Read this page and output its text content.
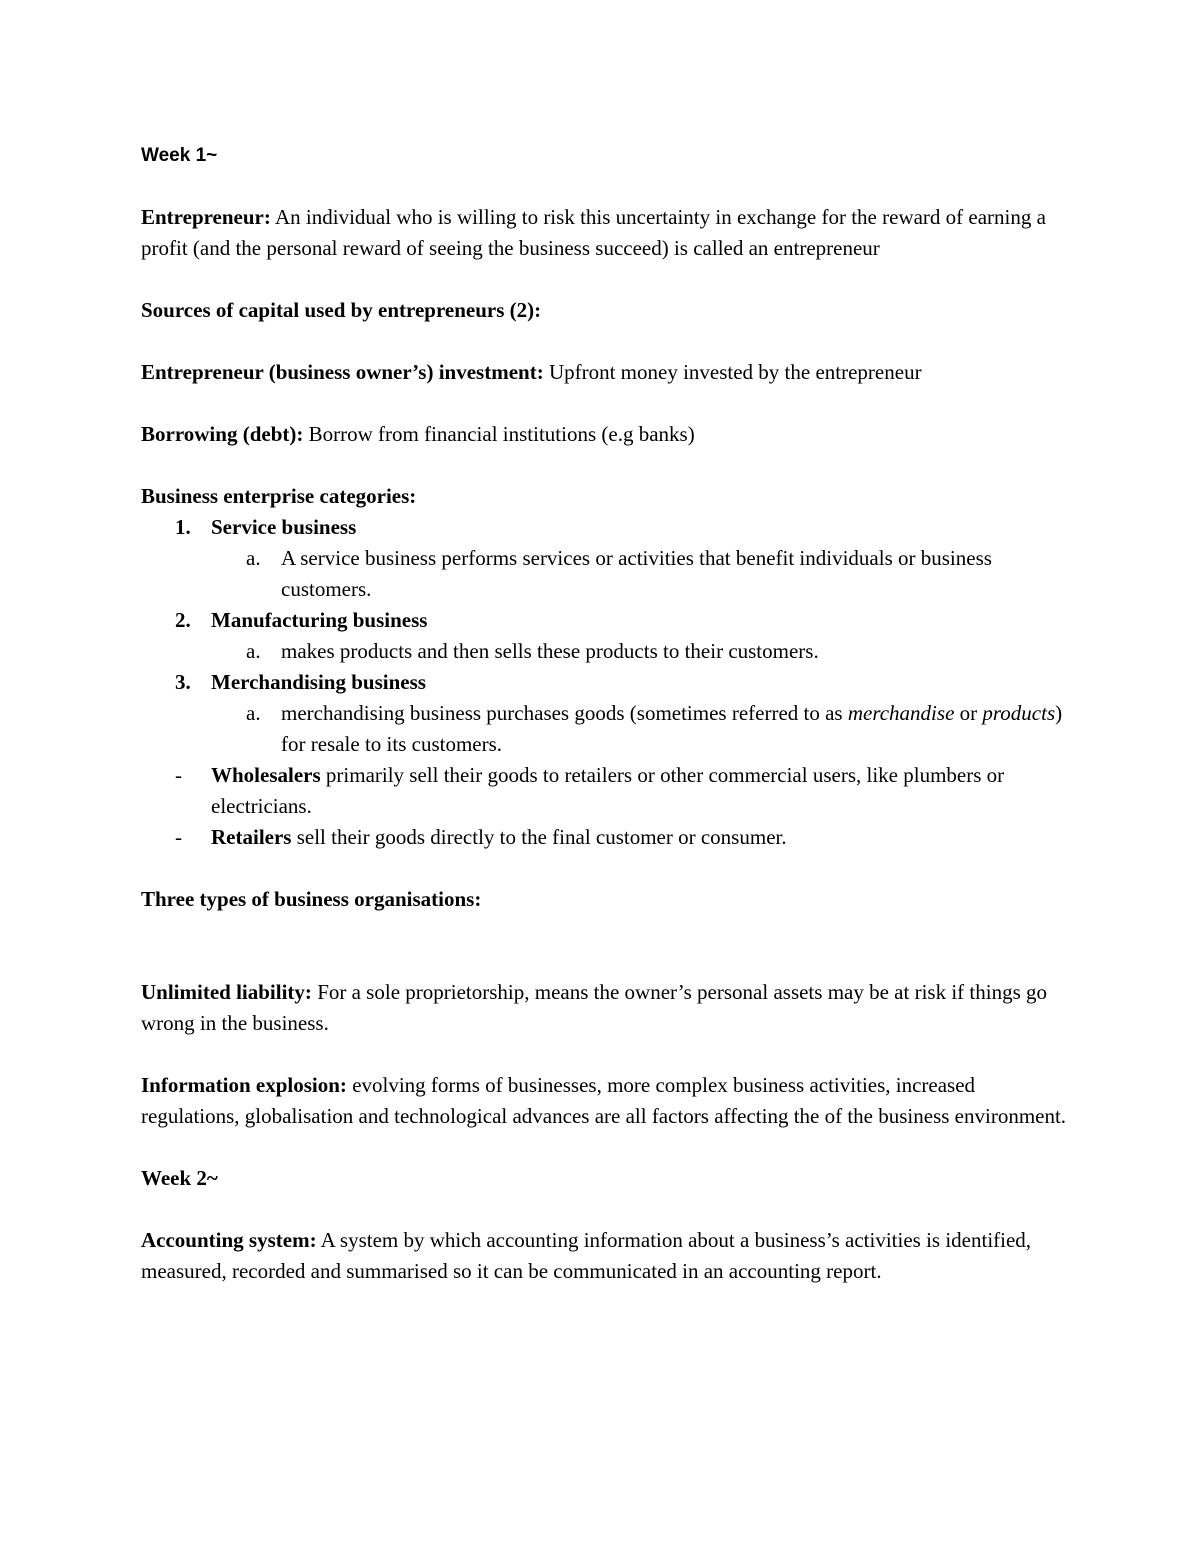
Week 1~

Entrepreneur: An individual who is willing to risk this uncertainty in exchange for the reward of earning a profit (and the personal reward of seeing the business succeed) is called an entrepreneur

Sources of capital used by entrepreneurs (2):

Entrepreneur (business owner’s) investment: Upfront money invested by the entrepreneur

Borrowing (debt): Borrow from financial institutions (e.g banks)

Business enterprise categories:

1. Service business
a. A service business performs services or activities that benefit individuals or business customers.
2. Manufacturing business
a. makes products and then sells these products to their customers.
3. Merchandising business
a. merchandising business purchases goods (sometimes referred to as merchandise or products) for resale to its customers.
- Wholesalers primarily sell their goods to retailers or other commercial users, like plumbers or electricians.
- Retailers sell their goods directly to the final customer or consumer.

Three types of business organisations:

Unlimited liability: For a sole proprietorship, means the owner’s personal assets may be at risk if things go wrong in the business.

Information explosion: evolving forms of businesses, more complex business activities, increased regulations, globalisation and technological advances are all factors affecting the of the business environment.

Week 2~

Accounting system: A system by which accounting information about a business’s activities is identified, measured, recorded and summarised so it can be communicated in an accounting report.
